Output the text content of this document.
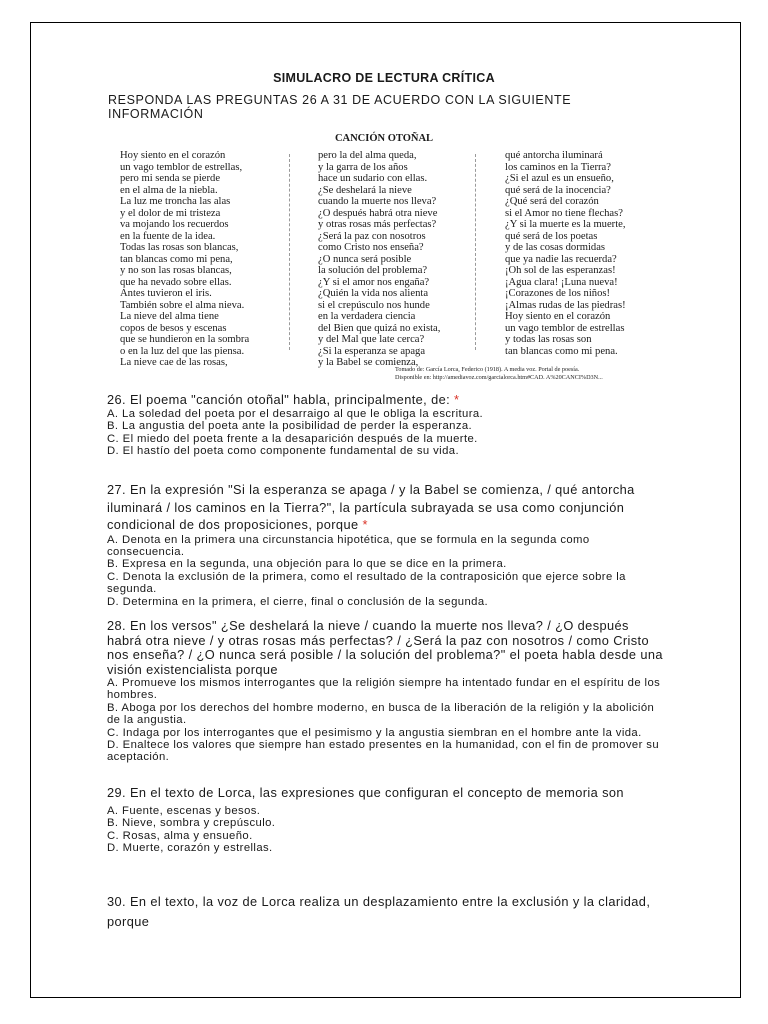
SIMULACRO DE LECTURA CRÍTICA
RESPONDA LAS PREGUNTAS 26 A 31 DE ACUERDO CON LA SIGUIENTE INFORMACIÓN
CANCIÓN OTOÑAL
Hoy siento en el corazón
un vago temblor de estrellas,
pero mi senda se pierde
en el alma de la niebla.
La luz me troncha las alas
y el dolor de mi tristeza
va mojando los recuerdos
en la fuente de la idea.
Todas las rosas son blancas,
tan blancas como mi pena,
y no son las rosas blancas,
que ha nevado sobre ellas.
Antes tuvieron el iris.
También sobre el alma nieva.
La nieve del alma tiene
copos de besos y escenas
que se hundieron en la sombra
o en la luz del que las piensa.
La nieve cae de las rosas,
pero la del alma queda,
y la garra de los años
hace un sudario con ellas.
¿Se deshelará la nieve
cuando la muerte nos lleva?
¿O después habrá otra nieve
y otras rosas más perfectas?
¿Será la paz con nosotros
como Cristo nos enseña?
¿O nunca será posible
la solución del problema?
¿Y si el amor nos engaña?
¿Quién la vida nos alienta
si el crepúsculo nos hunde
en la verdadera ciencia
del Bien que quizá no exista,
y del Mal que late cerca?
¿Si la esperanza se apaga
y la Babel se comienza,
qué antorcha iluminará
los caminos en la Tierra?
¿Si el azul es un ensueño,
qué será de la inocencia?
¿Qué será del corazón
si el Amor no tiene flechas?
¿Y si la muerte es la muerte,
qué será de los poetas
y de las cosas dormidas
que ya nadie las recuerda?
¡Oh sol de las esperanzas!
¡Agua clara! ¡Luna nueva!
¡Corazones de los niños!
¡Almas rudas de las piedras!
Hoy siento en el corazón
un vago temblor de estrellas
y todas las rosas son
tan blancas como mi pena.
Tomado de: García Lorca, Federico (1918). A media voz. Portal de poesía.
Disponible en: http://amediavoz.com/garcialorca.htm#CAD. A%20CANCI%D3N...
26. El poema "canción otoñal" habla, principalmente, de: *
A. La soledad del poeta por el desarraigo al que le obliga la escritura.
B. La angustia del poeta ante la posibilidad de perder la esperanza.
C. El miedo del poeta frente a la desaparición después de la muerte.
D. El hastío del poeta como componente fundamental de su vida.
27. En la expresión "Si la esperanza se apaga / y la Babel se comienza, / qué antorcha iluminará / los caminos en la Tierra?", la partícula subrayada se usa como conjunción condicional de dos proposiciones, porque *
A. Denota en la primera una circunstancia hipotética, que se formula en la segunda como consecuencia.
B. Expresa en la segunda, una objeción para lo que se dice en la primera.
C. Denota la exclusión de la primera, como el resultado de la contraposición que ejerce sobre la segunda.
D. Determina en la primera, el cierre, final o conclusión de la segunda.
28. En los versos" ¿Se deshelará la nieve / cuando la muerte nos lleva? / ¿O después habrá otra nieve / y otras rosas más perfectas? / ¿Será la paz con nosotros / como Cristo nos enseña? / ¿O nunca será posible / la solución del problema?" el poeta habla desde una visión existencialista porque
A. Promueve los mismos interrogantes que la religión siempre ha intentado fundar en el espíritu de los hombres.
B. Aboga por los derechos del hombre moderno, en busca de la liberación de la religión y la abolición de la angustia.
C. Indaga por los interrogantes que el pesimismo y la angustia siembran en el hombre ante la vida.
D. Enaltece los valores que siempre han estado presentes en la humanidad, con el fin de promover su aceptación.
29. En el texto de Lorca, las expresiones que configuran el concepto de memoria son
A. Fuente, escenas y besos.
B. Nieve, sombra y crepúsculo.
C. Rosas, alma y ensueño.
D. Muerte, corazón y estrellas.
30. En el texto, la voz de Lorca realiza un desplazamiento entre la exclusión y la claridad, porque
